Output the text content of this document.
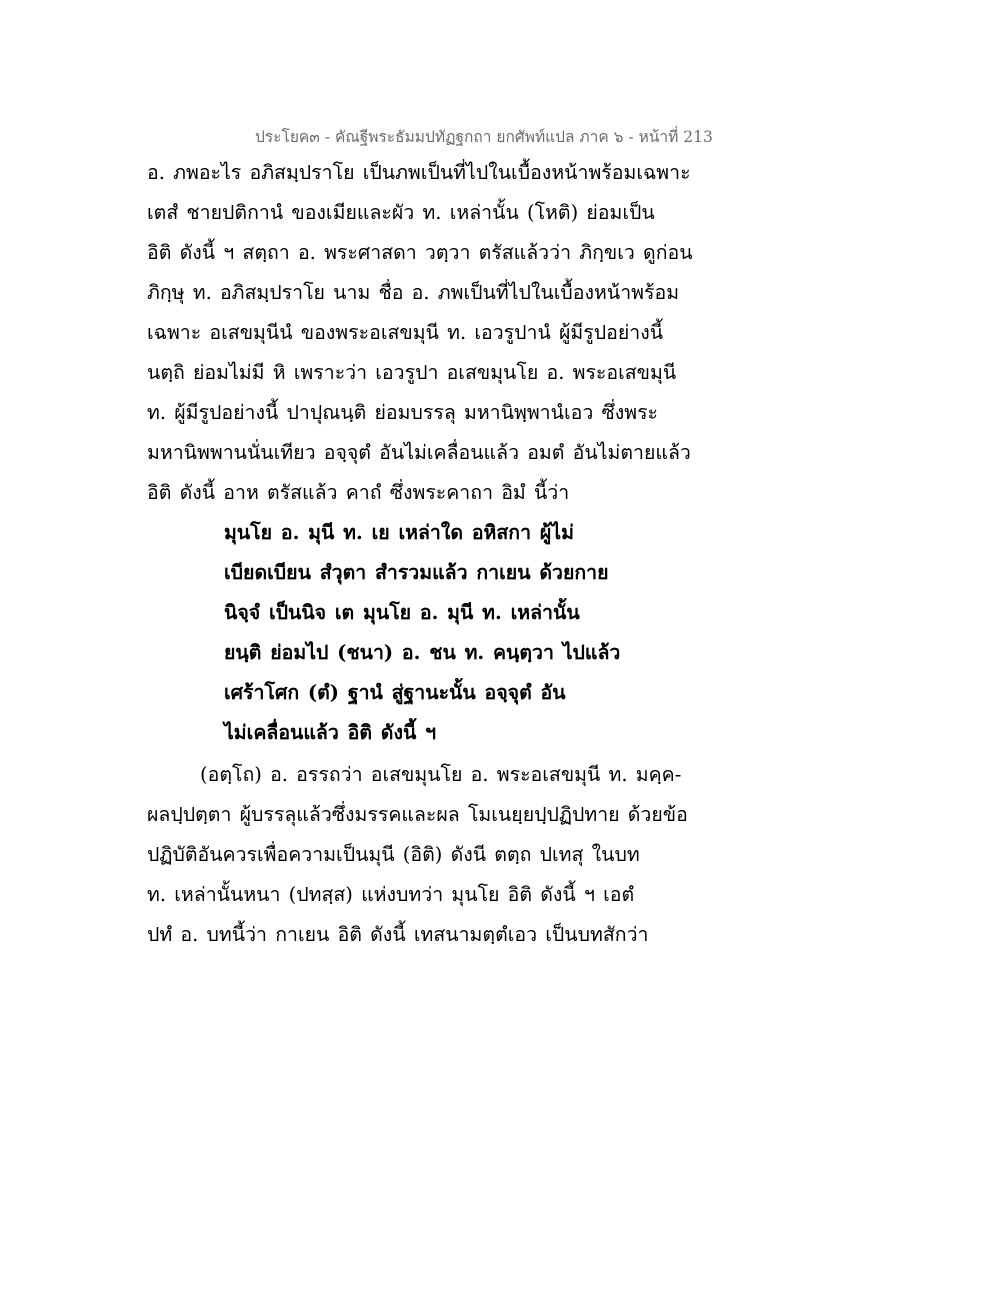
ประโยค๓ - คัณฐีพระธัมมปทัฏฐกถา ยกศัพท์แปล ภาค ๖ - หน้าที่ 213
อ. ภพอะไร อภิสมฺปราโย เป็นภพเป็นที่ไปในเบื้องหน้าพร้อมเฉพาะ
เตสํ ชายปติกานํ ของเมียและผัว ท. เหล่านั้น (โหติ) ย่อมเป็น
อิติ ดังนี้ ฯ สตฺถา อ. พระศาสดา วตฺวา ตรัสแล้วว่า ภิกฺขเว ดูก่อน
ภิกฺษุ ท. อภิสมฺปราโย นาม ชื่อ อ. ภพเป็นที่ไปในเบื้องหน้าพร้อม
เฉพาะ อเสขมุนีนํ ของพระอเสขมุนี ท. เอวรูปานํ ผู้มีรูปอย่างนี้
นตฺถิ ย่อมไม่มี หิ เพราะว่า เอวรูปา อเสขมุนโย อ. พระอเสขมุนี
ท. ผู้มีรูปอย่างนี้ ปาปุณนฺติ ย่อมบรรลุ มหานิพฺพานํเอว ซึ่งพระ
มหานิพพานนั่นเทียว อจฺจุตํ อันไม่เคลื่อนแล้ว อมตํ อันไม่ตายแล้ว
อิติ ดังนี้ อาห ตรัสแล้ว คาถํ ซึ่งพระคาถา อิมํ นี้ว่า
มุนโย อ. มุนี ท. เย เหล่าใด อหิสกา ผู้ไม่
เบียดเบียน สํวุตา สำรวมแล้ว กาเยน ด้วยกาย
นิจฺจํ เป็นนิจ เต มุนโย อ. มุนี ท. เหล่านั้น
ยนฺติ ย่อมไป (ชนา) อ. ชน ท. คนฺตฺวา ไปแล้ว
เศร้าโศก (ตํ) ฐานํ สู่ฐานะนั้น อจฺจุตํ อัน
ไม่เคลื่อนแล้ว อิติ ดังนี้ ฯ
(อตฺโถ) อ. อรรถว่า อเสขมุนโย อ. พระอเสขมุนี ท. มคฺค-
ผลปฺปตฺตา ผู้บรรลุแล้วซึ่งมรรคและผล โมเนยฺยปฺปฏิปทาย ด้วยข้อ
ปฏิบัติอันควรเพื่อความเป็นมุนี (อิติ) ดังนี ตตฺถ ปเทสุ ในบท
ท. เหล่านั้นหนา (ปทสฺส) แห่งบทว่า มุนโย อิติ ดังนี้ ฯ เอตํ
ปทํ อ. บทนี้ว่า กาเยน อิติ ดังนี้ เทสนามตฺตํเอว เป็นบทสักว่า
